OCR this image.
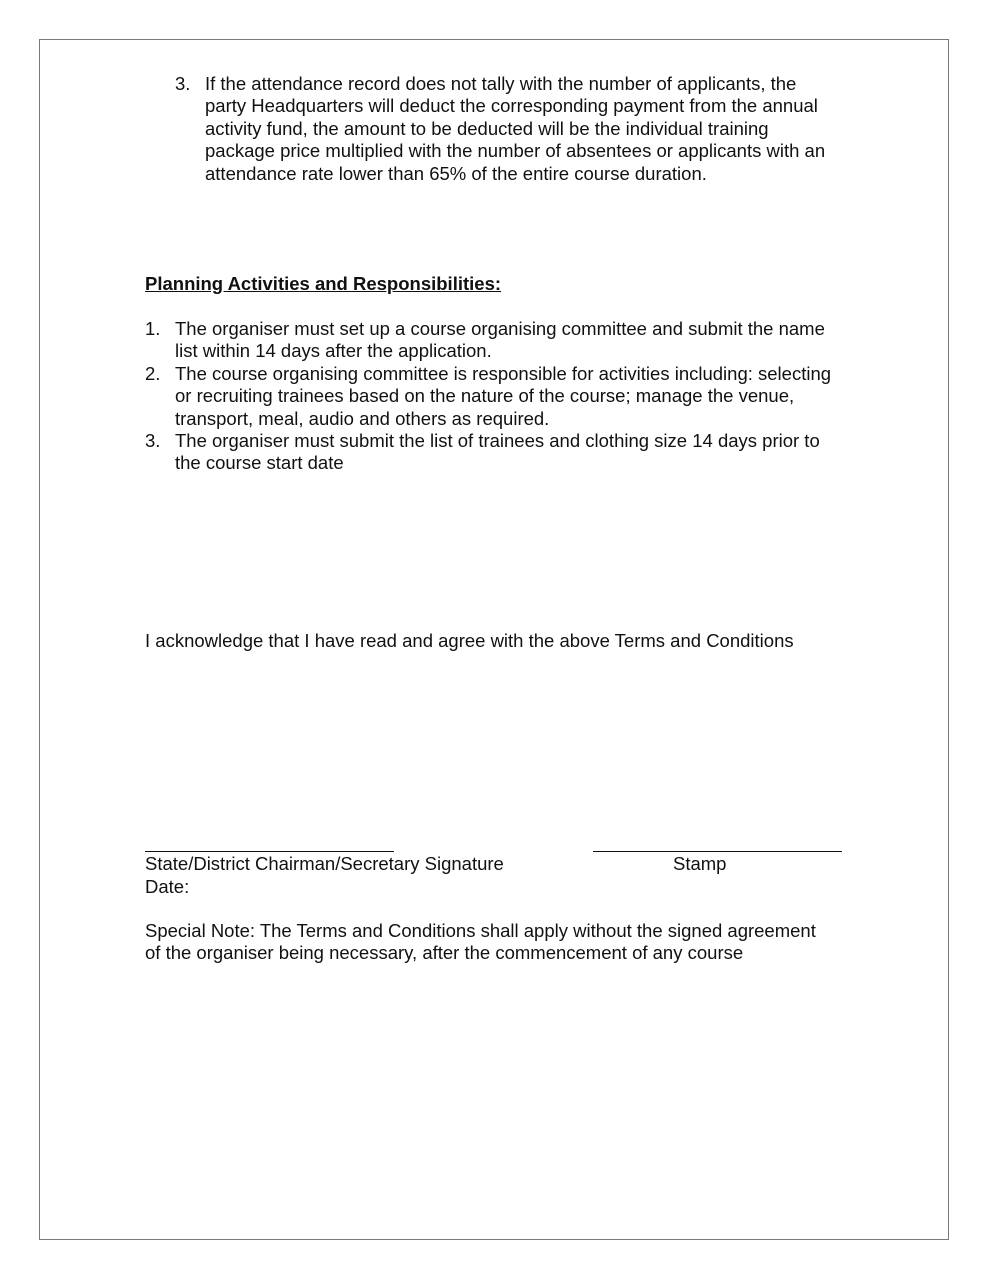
3. If the attendance record does not tally with the number of applicants, the party Headquarters will deduct the corresponding payment from the annual activity fund, the amount to be deducted will be the individual training package price multiplied with the number of absentees or applicants with an attendance rate lower than 65% of the entire course duration.
Planning Activities and Responsibilities:
1. The organiser must set up a course organising committee and submit the name list within 14 days after the application.
2. The course organising committee is responsible for activities including: selecting or recruiting trainees based on the nature of the course; manage the venue, transport, meal, audio and others as required.
3. The organiser must submit the list of trainees and clothing size 14 days prior to the course start date
I acknowledge that I have read and agree with the above Terms and Conditions
State/District Chairman/Secretary Signature	Stamp
Date:
Special Note: The Terms and Conditions shall apply without the signed agreement of the organiser being necessary, after the commencement of any course
